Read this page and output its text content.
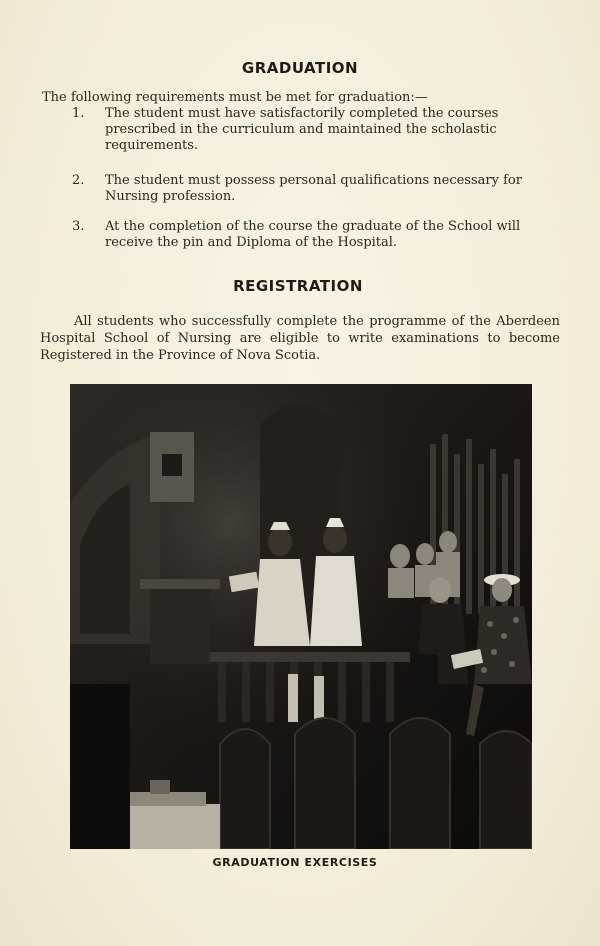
GRADUATION
The following requirements must be met for graduation:—
1. The student must have satisfactorily completed the courses prescribed in the curriculum and maintained the scholastic requirements.
2. The student must possess personal qualifications necessary for Nursing profession.
3. At the completion of the course the graduate of the School will receive the pin and Diploma of the Hospital.
REGISTRATION
All students who successfully complete the programme of the Aberdeen Hospital School of Nursing are eligible to write examinations to become Registered in the Province of Nova Scotia.
GRADUATION EXERCISES
